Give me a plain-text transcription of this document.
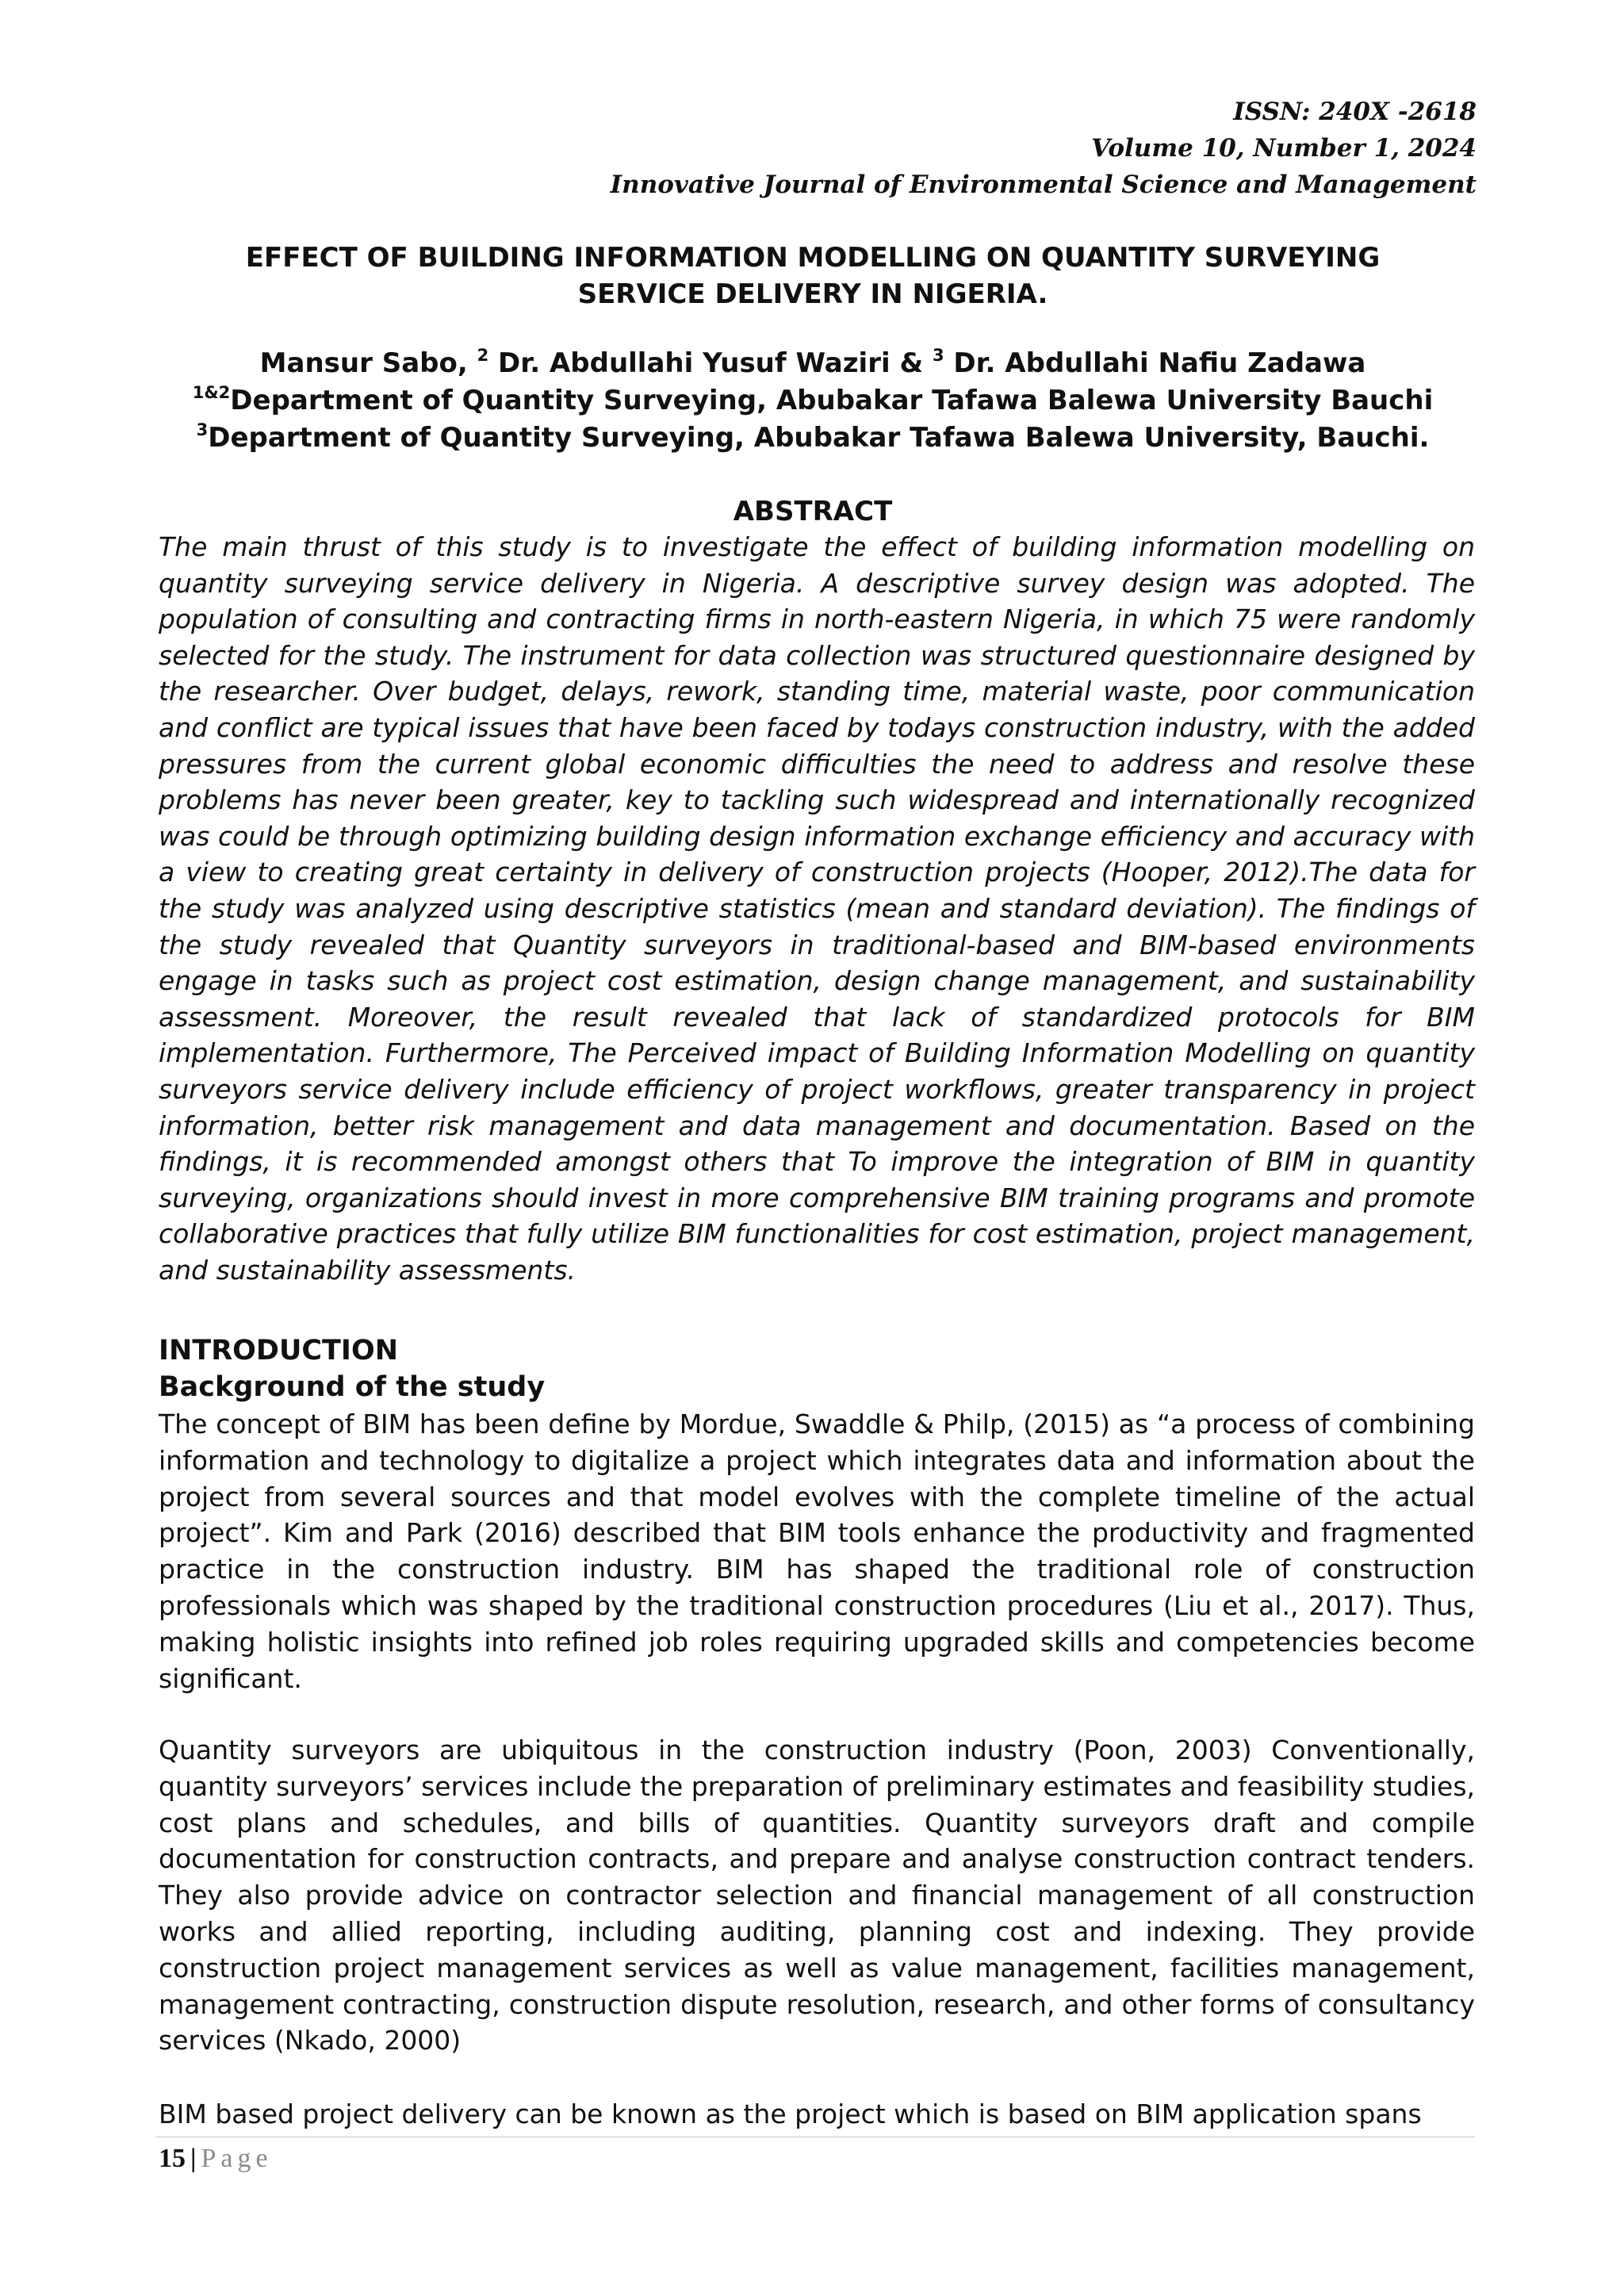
ISSN: 240X -2618
Volume 10, Number 1, 2024
Innovative Journal of Environmental Science and Management
EFFECT OF BUILDING INFORMATION MODELLING ON QUANTITY SURVEYING
SERVICE DELIVERY IN NIGERIA.
Mansur Sabo, $^2$ Dr. Abdullahi Yusuf Waziri & $^3$ Dr. Abdullahi Nafiu Zadawa
$^{1\&2}$Department of Quantity Surveying, Abubakar Tafawa Balewa University Bauchi
$^3$Department of Quantity Surveying, Abubakar Tafawa Balewa University, Bauchi.
ABSTRACT

The main thrust of this study is to investigate the effect of building information modelling on quantity surveying service delivery in Nigeria. A descriptive survey design was adopted. The population of consulting and contracting firms in north-eastern Nigeria, in which 75 were randomly selected for the study. The instrument for data collection was structured questionnaire designed by the researcher. Over budget, delays, rework, standing time, material waste, poor communication and conflict are typical issues that have been faced by todays construction industry, with the added pressures from the current global economic difficulties the need to address and resolve these problems has never been greater, key to tackling such widespread and internationally recognized was could be through optimizing building design information exchange efficiency and accuracy with a view to creating great certainty in delivery of construction projects (Hooper, 2012).The data for the study was analyzed using descriptive statistics (mean and standard deviation). The findings of the study revealed that Quantity surveyors in traditional-based and BIM-based environments engage in tasks such as project cost estimation, design change management, and sustainability assessment. Moreover, the result revealed that lack of standardized protocols for BIM implementation. Furthermore, The Perceived impact of Building Information Modelling on quantity surveyors service delivery include efficiency of project workflows, greater transparency in project information, better risk management and data management and documentation. Based on the findings, it is recommended amongst others that To improve the integration of BIM in quantity surveying, organizations should invest in more comprehensive BIM training programs and promote collaborative practices that fully utilize BIM functionalities for cost estimation, project management, and sustainability assessments.

INTRODUCTION
Background of the study

The concept of BIM has been define by Mordue, Swaddle & Philp, (2015) as “a process of combining information and technology to digitalize a project which integrates data and information about the project from several sources and that model evolves with the complete timeline of the actual project”. Kim and Park (2016) described that BIM tools enhance the productivity and fragmented practice in the construction industry. BIM has shaped the traditional role of construction professionals which was shaped by the traditional construction procedures (Liu et al., 2017). Thus, making holistic insights into refined job roles requiring upgraded skills and competencies become significant.

Quantity surveyors are ubiquitous in the construction industry (Poon, 2003) Conventionally, quantity surveyors’ services include the preparation of preliminary estimates and feasibility studies, cost plans and schedules, and bills of quantities. Quantity surveyors draft and compile documentation for construction contracts, and prepare and analyse construction contract tenders. They also provide advice on contractor selection and financial management of all construction works and allied reporting, including auditing, planning cost and indexing. They provide construction project management services as well as value management, facilities management, management contracting, construction dispute resolution, research, and other forms of consultancy services (Nkado, 2000)

BIM based project delivery can be known as the project which is based on BIM application spans

15 | Page
